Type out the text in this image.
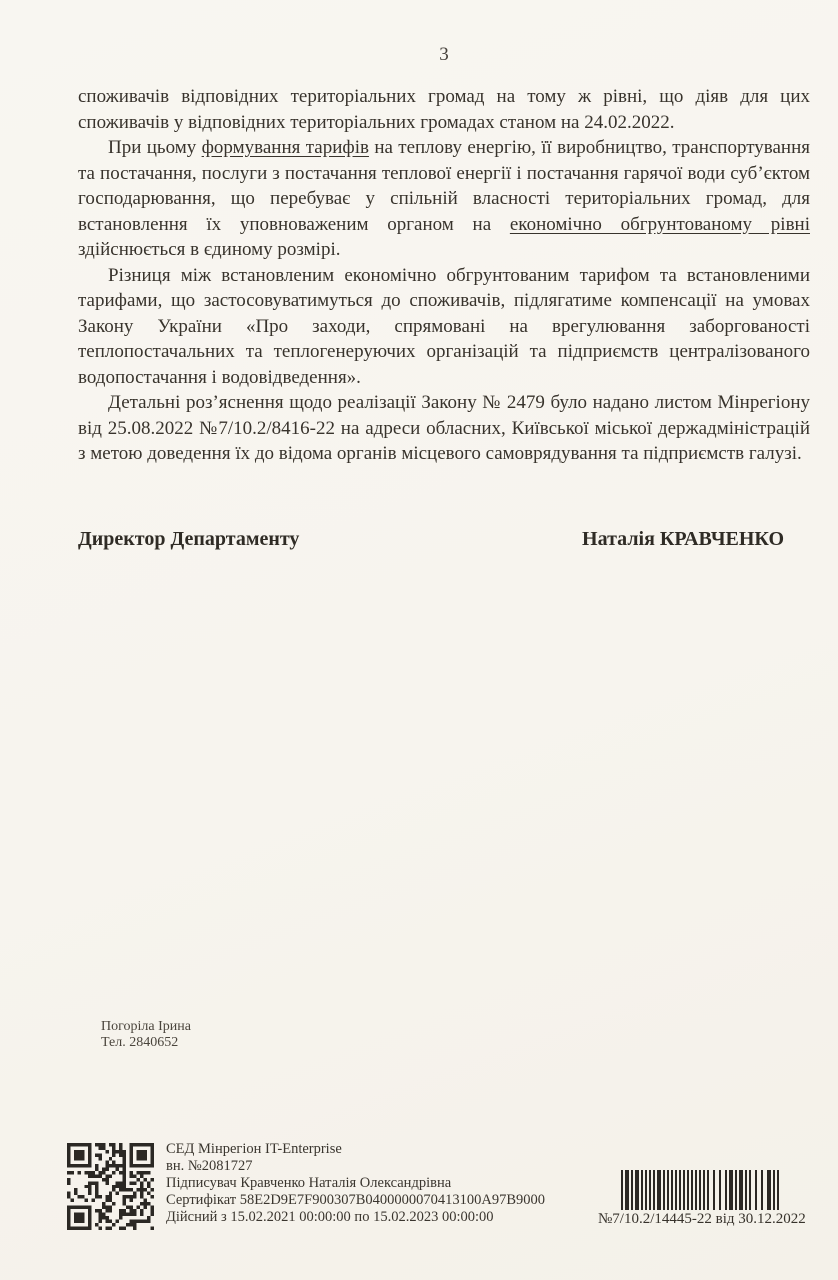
3

споживачів відповідних територіальних громад на тому ж рівні, що діяв для цих споживачів у відповідних територіальних громадах станом на 24.02.2022.

При цьому формування тарифів на теплову енергію, її виробництво, транспортування та постачання, послуги з постачання теплової енергії і постачання гарячої води суб’єктом господарювання, що перебуває у спільній власності територіальних громад, для встановлення їх уповноваженим органом на економічно обгрунтованому рівні здійснюється в єдиному розмірі.

Різниця між встановленим економічно обгрунтованим тарифом та встановленими тарифами, що застосовуватимуться до споживачів, підлягатиме компенсації на умовах Закону України «Про заходи, спрямовані на врегулювання заборгованості теплопостачальних та теплогенеруючих організацій та підприємств централізованого водопостачання і водовідведення».

Детальні роз’яснення щодо реалізації Закону № 2479 було надано листом Мінрегіону від 25.08.2022 №7/10.2/8416-22 на адреси обласних, Київської міської держадміністрацій з метою доведення їх до відома органів місцевого самоврядування та підприємств галузі.

Директор Департаменту	Наталія КРАВЧЕНКО
Погоріла Ірина
Тел. 2840652
СЕД Мінрегіон IT-Enterprise
вн. №2081727
Підписувач Кравченко Наталія Олександрівна
Сертифікат 58E2D9E7F900307B0400000070413100A97B9000
Дійсний з 15.02.2021 00:00:00 по 15.02.2023 00:00:00	№7/10.2/14445-22 від 30.12.2022
